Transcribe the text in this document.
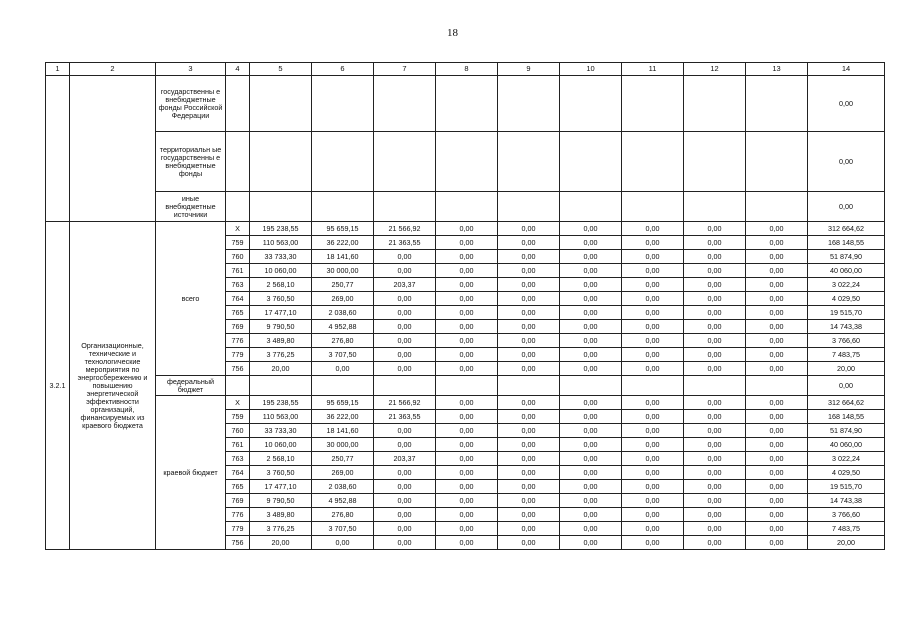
18
1	2	3	4	5	6	7	8	9	10	11	12	13	14
		государственны е внебюджетные фонды Российской Федерации											0,00
		территориальн ые государственны е внебюджетные фонды											0,00
		иные внебюджетные источники											0,00
3.2.1	Организационные, технические и технологические мероприятия по энергосбережению и повышению энергетической эффективности организаций, финансируемых из краевого бюджета	всего	X	195 238,55	95 659,15	21 566,92	0,00	0,00	0,00	0,00	0,00	0,00	312 664,62
			759	110 563,00	36 222,00	21 363,55	0,00	0,00	0,00	0,00	0,00	0,00	168 148,55
			760	33 733,30	18 141,60	0,00	0,00	0,00	0,00	0,00	0,00	0,00	51 874,90
			761	10 060,00	30 000,00	0,00	0,00	0,00	0,00	0,00	0,00	0,00	40 060,00
			763	2 568,10	250,77	203,37	0,00	0,00	0,00	0,00	0,00	0,00	3 022,24
			764	3 760,50	269,00	0,00	0,00	0,00	0,00	0,00	0,00	0,00	4 029,50
			765	17 477,10	2 038,60	0,00	0,00	0,00	0,00	0,00	0,00	0,00	19 515,70
			769	9 790,50	4 952,88	0,00	0,00	0,00	0,00	0,00	0,00	0,00	14 743,38
			776	3 489,80	276,80	0,00	0,00	0,00	0,00	0,00	0,00	0,00	3 766,60
			779	3 776,25	3 707,50	0,00	0,00	0,00	0,00	0,00	0,00	0,00	7 483,75
			756	20,00	0,00	0,00	0,00	0,00	0,00	0,00	0,00	0,00	20,00
		федеральный бюджет											0,00
		краевой бюджет	X	195 238,55	95 659,15	21 566,92	0,00	0,00	0,00	0,00	0,00	0,00	312 664,62
			759	110 563,00	36 222,00	21 363,55	0,00	0,00	0,00	0,00	0,00	0,00	168 148,55
			760	33 733,30	18 141,60	0,00	0,00	0,00	0,00	0,00	0,00	0,00	51 874,90
			761	10 060,00	30 000,00	0,00	0,00	0,00	0,00	0,00	0,00	0,00	40 060,00
			763	2 568,10	250,77	203,37	0,00	0,00	0,00	0,00	0,00	0,00	3 022,24
			764	3 760,50	269,00	0,00	0,00	0,00	0,00	0,00	0,00	0,00	4 029,50
			765	17 477,10	2 038,60	0,00	0,00	0,00	0,00	0,00	0,00	0,00	19 515,70
			769	9 790,50	4 952,88	0,00	0,00	0,00	0,00	0,00	0,00	0,00	14 743,38
			776	3 489,80	276,80	0,00	0,00	0,00	0,00	0,00	0,00	0,00	3 766,60
			779	3 776,25	3 707,50	0,00	0,00	0,00	0,00	0,00	0,00	0,00	7 483,75
			756	20,00	0,00	0,00	0,00	0,00	0,00	0,00	0,00	0,00	20,00
